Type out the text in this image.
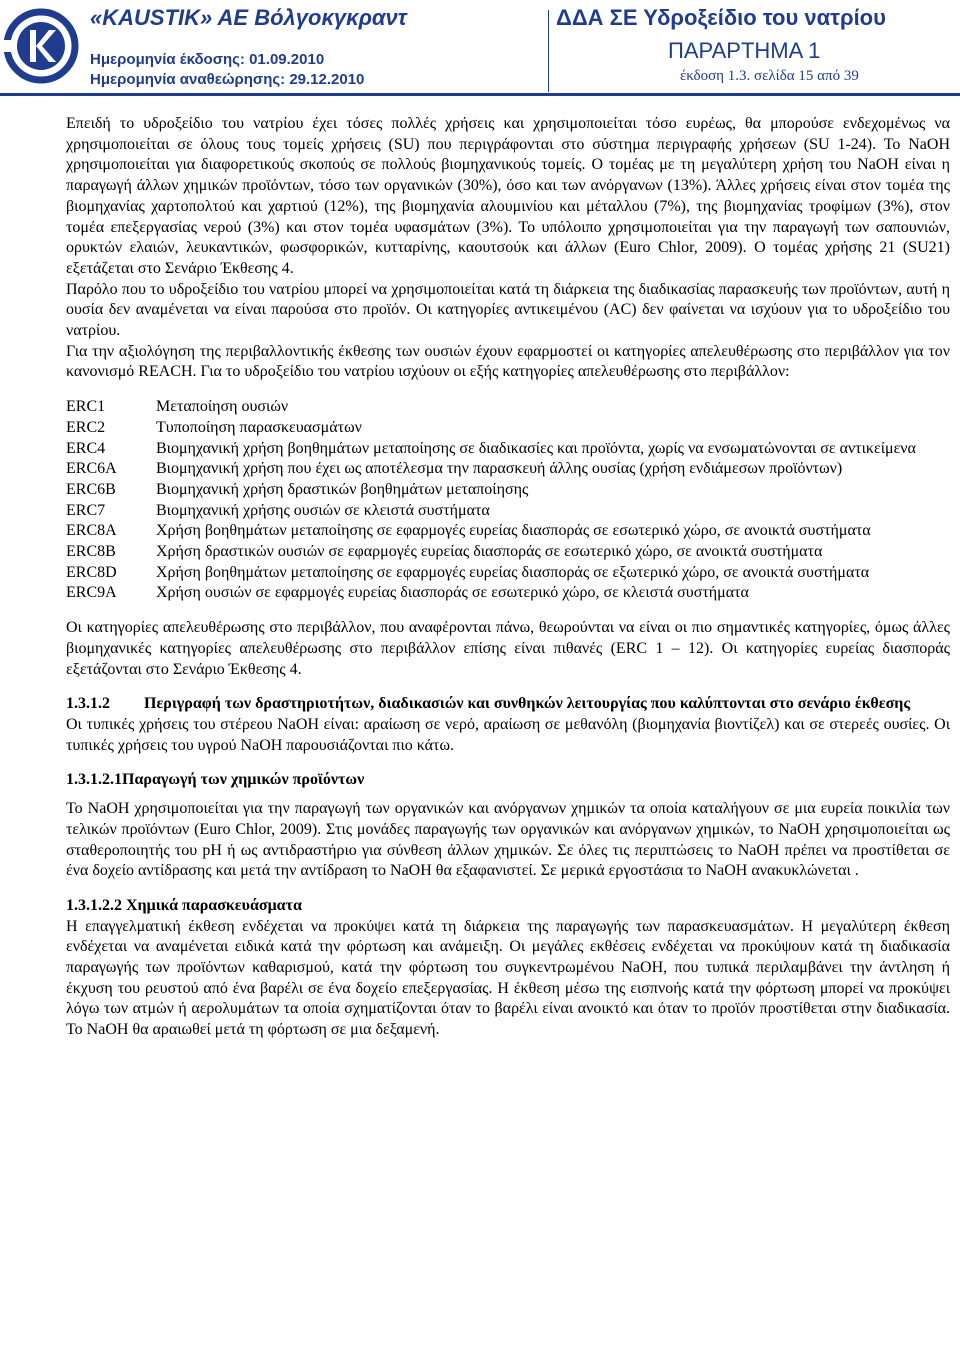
«KAUSTIK» AE Βόλγοκγκραντ
Ημερομηνία έκδοσης: 01.09.2010
Ημερομηνία αναθεώρησης: 29.12.2010
ΔΔΑ ΣΕ Υδροξείδιο του νατρίου
ΠΑΡΑΡΤΗΜΑ 1
έκδοση 1.3. σελίδα 15 από 39

Επειδή το υδροξείδιο του νατρίου έχει τόσες πολλές χρήσεις και χρησιμοποιείται τόσο ευρέως, θα μπορούσε ενδεχομένως να χρησιμοποιείται σε όλους τους τομείς χρήσεις (SU) που περιγράφονται στο σύστημα περιγραφής χρήσεων (SU 1-24). Το NaOH χρησιμοποιείται για διαφορετικούς σκοπούς σε πολλούς βιομηχανικούς τομείς. Ο τομέας με τη μεγαλύτερη χρήση του NaOH είναι η παραγωγή άλλων χημικών προϊόντων, τόσο των οργανικών (30%), όσο και των ανόργανων (13%). Άλλες χρήσεις είναι στον τομέα της βιομηχανίας χαρτοπολτού και χαρτιού (12%), της βιομηχανία αλουμινίου και μέταλλου (7%), της βιομηχανίας τροφίμων (3%), στον τομέα επεξεργασίας νερού (3%) και στον τομέα υφασμάτων (3%). Το υπόλοιπο χρησιμοποιείται για την παραγωγή των σαπουνιών, ορυκτών ελαιών, λευκαντικών, φωσφορικών, κυτταρίνης, καουτσούκ και άλλων (Euro Chlor, 2009). Ο τομέας χρήσης 21 (SU21) εξετάζεται στο Σενάριο Έκθεσης 4.

Παρόλο που το υδροξείδιο του νατρίου μπορεί να χρησιμοποιείται κατά τη διάρκεια της διαδικασίας παρασκευής των προϊόντων, αυτή η ουσία δεν αναμένεται να είναι παρούσα στο προϊόν. Οι κατηγορίες αντικειμένου (AC) δεν φαίνεται να ισχύουν για το υδροξείδιο του νατρίου.

Για την αξιολόγηση της περιβαλλοντικής έκθεσης των ουσιών έχουν εφαρμοστεί οι κατηγορίες απελευθέρωσης στο περιβάλλον για τον κανονισμό REACH. Για το υδροξείδιο του νατρίου ισχύουν οι εξής κατηγορίες απελευθέρωσης στο περιβάλλον:

ERC1	Μεταποίηση ουσιών
ERC2	Τυποποίηση παρασκευασμάτων
ERC4	Βιομηχανική χρήση βοηθημάτων μεταποίησης σε διαδικασίες και προϊόντα, χωρίς να ενσωματώνονται σε αντικείμενα
ERC6A	Βιομηχανική χρήση που έχει ως αποτέλεσμα την παρασκευή άλλης ουσίας (χρήση ενδιάμεσων προϊόντων)
ERC6B	Βιομηχανική χρήση δραστικών βοηθημάτων μεταποίησης
ERC7	Βιομηχανική χρήσης ουσιών σε κλειστά συστήματα
ERC8A	Χρήση βοηθημάτων μεταποίησης σε εφαρμογές ευρείας διασποράς σε εσωτερικό χώρο, σε ανοικτά συστήματα
ERC8B	Χρήση δραστικών ουσιών σε εφαρμογές ευρείας διασποράς σε εσωτερικό χώρο, σε ανοικτά συστήματα
ERC8D	Χρήση βοηθημάτων μεταποίησης σε εφαρμογές ευρείας διασποράς σε εξωτερικό χώρο, σε ανοικτά συστήματα
ERC9A	Χρήση ουσιών σε εφαρμογές ευρείας διασποράς σε εσωτερικό χώρο, σε κλειστά συστήματα

Οι κατηγορίες απελευθέρωσης στο περιβάλλον, που αναφέρονται πάνω, θεωρούνται να είναι οι πιο σημαντικές κατηγορίες, όμως άλλες βιομηχανικές κατηγορίες απελευθέρωσης στο περιβάλλον επίσης είναι πιθανές (ERC 1 – 12). Οι κατηγορίες ευρείας διασποράς εξετάζονται στο Σενάριο Έκθεσης 4.

1.3.1.2 Περιγραφή των δραστηριοτήτων, διαδικασιών και συνθηκών λειτουργίας που καλύπτονται στο σενάριο έκθεσης

Οι τυπικές χρήσεις του στέρεου NaOH είναι: αραίωση σε νερό, αραίωση σε μεθανόλη (βιομηχανία βιοντίζελ) και σε στερεές ουσίες. Οι τυπικές χρήσεις του υγρού NaOH παρουσιάζονται πιο κάτω.

1.3.1.2.1Παραγωγή των χημικών προϊόντων

Το NaOH χρησιμοποιείται για την παραγωγή των οργανικών και ανόργανων χημικών τα οποία καταλήγουν σε μια ευρεία ποικιλία των τελικών προϊόντων (Euro Chlor, 2009). Στις μονάδες παραγωγής των οργανικών και ανόργανων χημικών, το NaOH χρησιμοποιείται ως σταθεροποιητής του pH ή ως αντιδραστήριο για σύνθεση άλλων χημικών. Σε όλες τις περιπτώσεις το NaOH πρέπει να προστίθεται σε ένα δοχείο αντίδρασης και μετά την αντίδραση το NaOH θα εξαφανιστεί. Σε μερικά εργοστάσια το NaOH ανακυκλώνεται .

1.3.1.2.2 Χημικά παρασκευάσματα

Η επαγγελματική έκθεση ενδέχεται να προκύψει κατά τη διάρκεια της παραγωγής των παρασκευασμάτων. Η μεγαλύτερη έκθεση ενδέχεται να αναμένεται ειδικά κατά την φόρτωση και ανάμειξη. Οι μεγάλες εκθέσεις ενδέχεται να προκύψουν κατά τη διαδικασία παραγωγής των προϊόντων καθαρισμού, κατά την φόρτωση του συγκεντρωμένου NaOH, που τυπικά περιλαμβάνει την άντληση ή έκχυση του ρευστού από ένα βαρέλι σε ένα δοχείο επεξεργασίας. Η έκθεση μέσω της εισπνοής κατά την φόρτωση μπορεί να προκύψει λόγω των ατμών ή αερολυμάτων τα οποία σχηματίζονται όταν το βαρέλι είναι ανοικτό και όταν το προϊόν προστίθεται στην διαδικασία. Το NaOH θα αραιωθεί μετά τη φόρτωση σε μια δεξαμενή.
